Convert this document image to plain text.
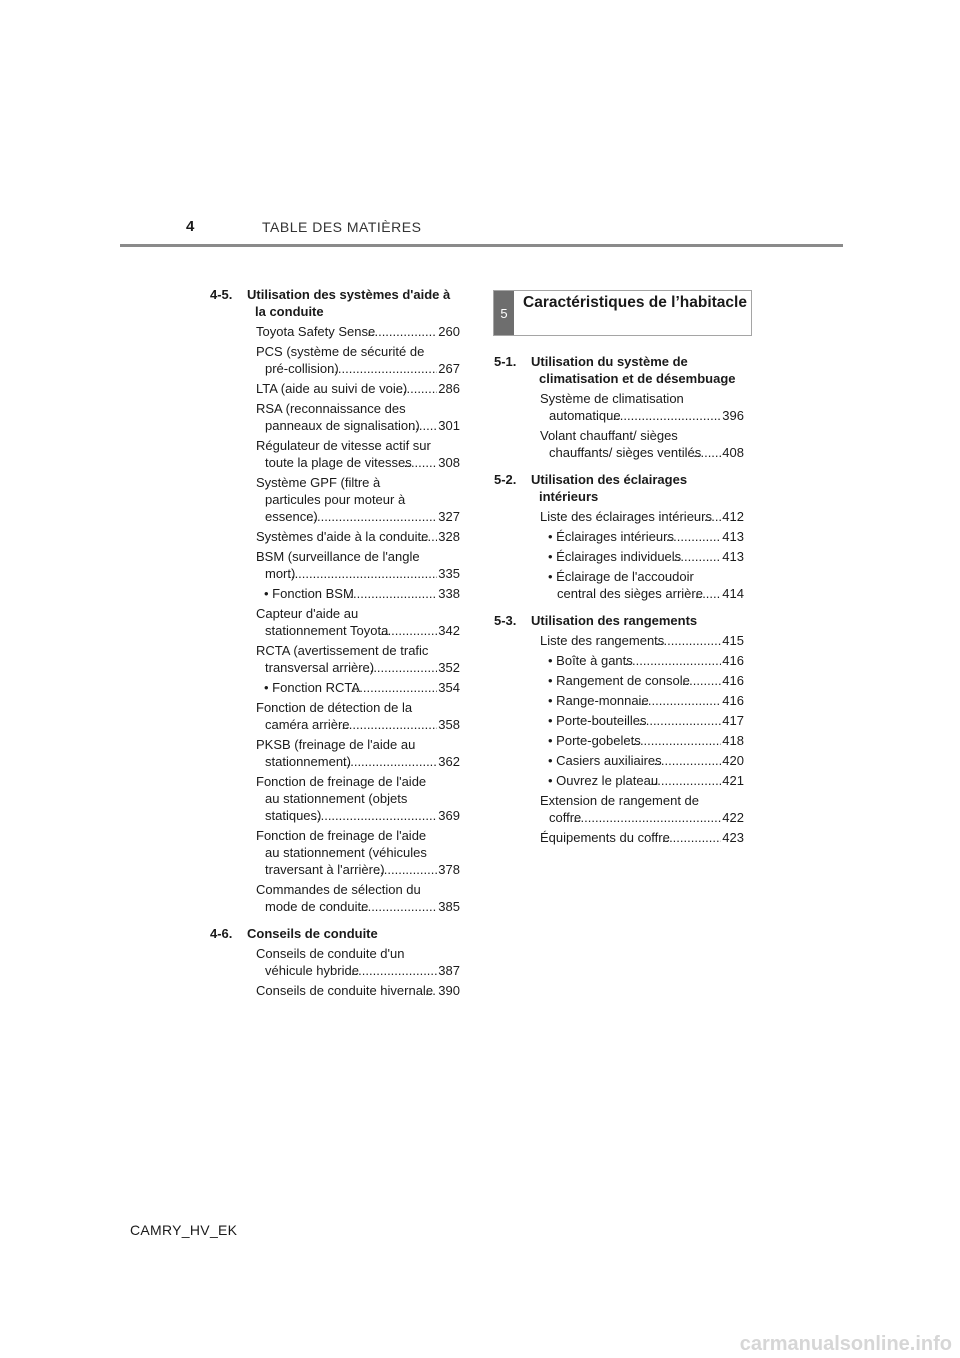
4	TABLE DES MATIÈRES
4-5.	Utilisation des systèmes d'aide à la conduite
Toyota Safety Sense .....	260
PCS (système de sécurité de pré-collision) .....	267
LTA (aide au suivi de voie) .....	286
RSA (reconnaissance des panneaux de signalisation) .....	301
Régulateur de vitesse actif sur toute la plage de vitesses .....	308
Système GPF (filtre à particules pour moteur à essence) .....	327
Systèmes d'aide à la conduite ..... 328
BSM (surveillance de l'angle mort) .....	335
• Fonction BSM .....	338
Capteur d'aide au stationnement Toyota .....	342
RCTA (avertissement de trafic transversal arrière) .....	352
• Fonction RCTA .....	354
Fonction de détection de la caméra arrière .....	358
PKSB (freinage de l'aide au stationnement) .....	362
Fonction de freinage de l'aide au stationnement (objets statiques) .....	369
Fonction de freinage de l'aide au stationnement (véhicules traversant à l'arrière) .....	378
Commandes de sélection du mode de conduite .....	385
4-6.	Conseils de conduite
Conseils de conduite d'un véhicule hybride .....	387
Conseils de conduite hivernale ..... 390
5
Caractéristiques de l’habitacle
5-1.	Utilisation du système de climatisation et de désembuage
Système de climatisation automatique .....	396
Volant chauffant/ sièges chauffants/ sièges ventilés .....	408
5-2.	Utilisation des éclairages intérieurs
Liste des éclairages intérieurs ..... 412
• Éclairages intérieurs .....	413
• Éclairages individuels .....	413
• Éclairage de l'accoudoir central des sièges arrière .....	414
5-3.	Utilisation des rangements
Liste des rangements .....	415
• Boîte à gants .....	416
• Rangement de console .....	416
• Range-monnaie .....	416
• Porte-bouteilles .....	417
• Porte-gobelets .....	418
• Casiers auxiliaires .....	420
• Ouvrez le plateau .....	421
Extension de rangement de coffre .....	422
Équipements du coffre .....	423
CAMRY_HV_EK
carmanualsonline.info
